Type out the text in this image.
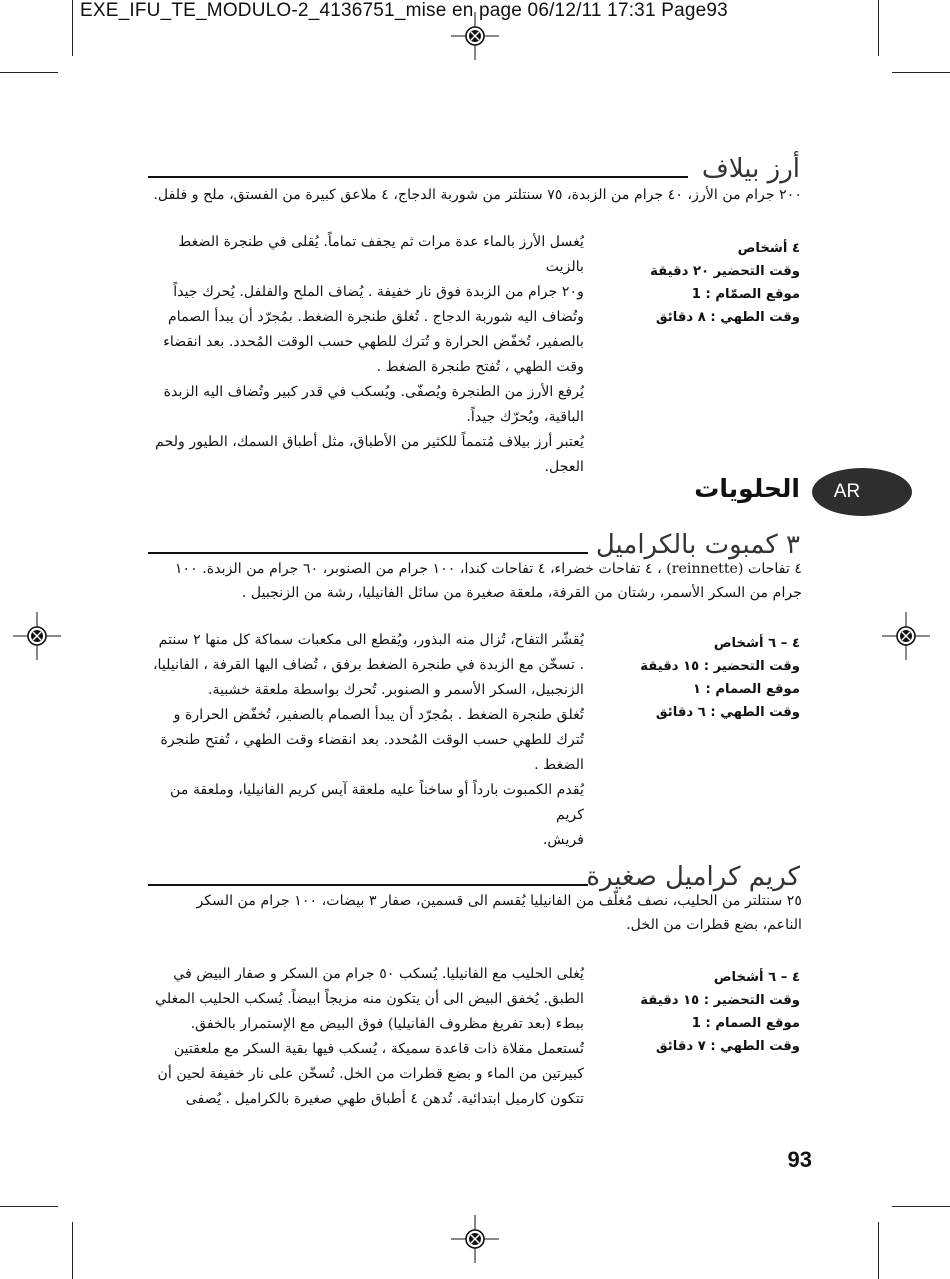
EXE_IFU_TE_MODULO-2_4136751_mise en page 06/12/11 17:31 Page93
أرز بيلاف
٢٠٠ جرام من الأرز، ٤٠ جرام من الزبدة، ٧٥ سنتلتر من شوربة الدجاج، ٤ ملاعق كبيرة من الفستق، ملح و فلفل.
٤ أشخاص
وقت التحضير ٢٠ دقيقة
موقع الصمّام : 1
وقت الطهي : ٨ دقائق
يُغسل الأرز بالماء عدة مرات ثم يجفف تماماً. يُقلى في طنجرة الضغط بالزيت
و٢٠ جرام من الزبدة فوق نار خفيفة . يُضاف الملح والفلفل. يُحرك جيداً
وتُضاف اليه شوربة الدجاج . تُغلق طنجرة الضغط. بمُجرّد أن يبدأ الصمام
بالصفير، تُخفّض الحرارة و تُترك للطهي حسب الوقت المُحدد. بعد انقضاء
وقت الطهي ، تُفتح طنجرة الضغط .
يُرفع الأرز من الطنجرة ويُصفّى. ويُسكب في قدر كبير وتُضاف اليه الزبدة
الباقية، ويُحرّك جيداً.
يُعتبر أرز بيلاف مُتمماً للكثير من الأطباق، مثل أطباق السمك، الطيور ولحم
العجل.
الحلويات	AR
٣ كمبوت بالكراميل
٤ تفاحات (reinnette) ، ٤ تفاحات خضراء، ٤ تفاحات كندا، ١٠٠ جرام من الصنوبر، ٦٠ جرام من الزبدة. ١٠٠
جرام من السكر الأسمر، رشتان من القرفة، ملعقة صغيرة من سائل الفانيليا، رشة من الزنجبيل .
٤ – ٦ أشخاص
وقت التحضير : ١٥ دقيقة
موقع الصمام : ١
وقت الطهي : ٦ دقائق
يُقشّر التفاح، تُزال منه البذور، ويُقطع الى مكعبات سماكة كل منها ٢ سنتم
. تسخّن مع الزبدة في طنجرة الضغط برفق ، تُضاف اليها القرفة ، الفانيليا،
الزنجبيل، السكر الأسمر و الصنوبر. تُحرك بواسطة ملعقة خشبية.
تُغلق طنجرة الضغط . بمُجرّد أن يبدأ الصمام بالصفير، تُخفّض الحرارة و
تُترك للطهي حسب الوقت المُحدد. بعد انقضاء وقت الطهي ، تُفتح طنجرة
الضغط .
يُقدم الكمبوت بارداً أو ساخناً عليه ملعقة آيس كريم الفانيليا، وملعقة من كريم
فريش.
كريم كراميل صغيرة
٢٥ سنتلتر من الحليب، نصف مُغلّف من الفانيليا يُقسم الى قسمين، صفار ٣ بيضات، ١٠٠ جرام من السكر
الناعم، بضع قطرات من الخل.
٤ – ٦ أشخاص
وقت التحضير : ١٥ دقيقة
موقع الصمام : 1
وقت الطهي : ٧ دقائق
يُغلى الحليب مع الفانيليا. يُسكب ٥٠ جرام من السكر و صفار البيض في
الطبق. يُخفق البيض الى أن يتكون منه مزيجاً ابيضاً. يُسكب الحليب المغلي
ببطء (بعد تفريغ مظروف الفانيليا) فوق البيض مع الإستمرار بالخفق.
تُستعمل مقلاة ذات قاعدة سميكة ، يُسكب فيها بقية السكر مع ملعقتين
كبيرتين من الماء و بضع قطرات من الخل. تُسخّن على نار خفيفة لحين أن
تتكون كارميل ابتدائية. تُدهن ٤ أطباق طهي صغيرة بالكراميل . يُصفى
93
